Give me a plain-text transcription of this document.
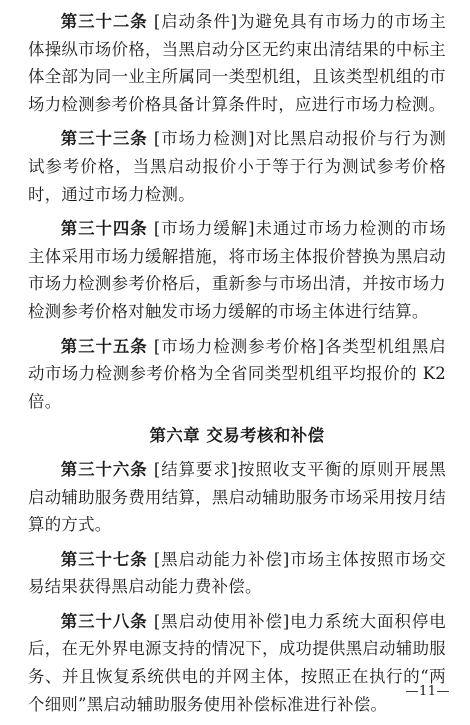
第三十二条 [启动条件]为避免具有市场力的市场主体操纵市场价格，当黑启动分区无约束出清结果的中标主体全部为同一业主所属同一类型机组，且该类型机组的市场力检测参考价格具备计算条件时，应进行市场力检测。

第三十三条 [市场力检测]对比黑启动报价与行为测试参考价格，当黑启动报价小于等于行为测试参考价格时，通过市场力检测。

第三十四条 [市场力缓解]未通过市场力检测的市场主体采用市场力缓解措施，将市场主体报价替换为黑启动市场力检测参考价格后，重新参与市场出清，并按市场力检测参考价格对触发市场力缓解的市场主体进行结算。

第三十五条 [市场力检测参考价格]各类型机组黑启动市场力检测参考价格为全省同类型机组平均报价的 K2 倍。

第六章 交易考核和补偿

第三十六条 [结算要求]按照收支平衡的原则开展黑启动辅助服务费用结算，黑启动辅助服务市场采用按月结算的方式。

第三十七条 [黑启动能力补偿]市场主体按照市场交易结果获得黑启动能力费补偿。

第三十八条 [黑启动使用补偿]电力系统大面积停电后，在无外界电源支持的情况下，成功提供黑启动辅助服务、并且恢复系统供电的并网主体，按照正在执行的“两个细则”黑启动辅助服务使用补偿标准进行补偿。

—11—
